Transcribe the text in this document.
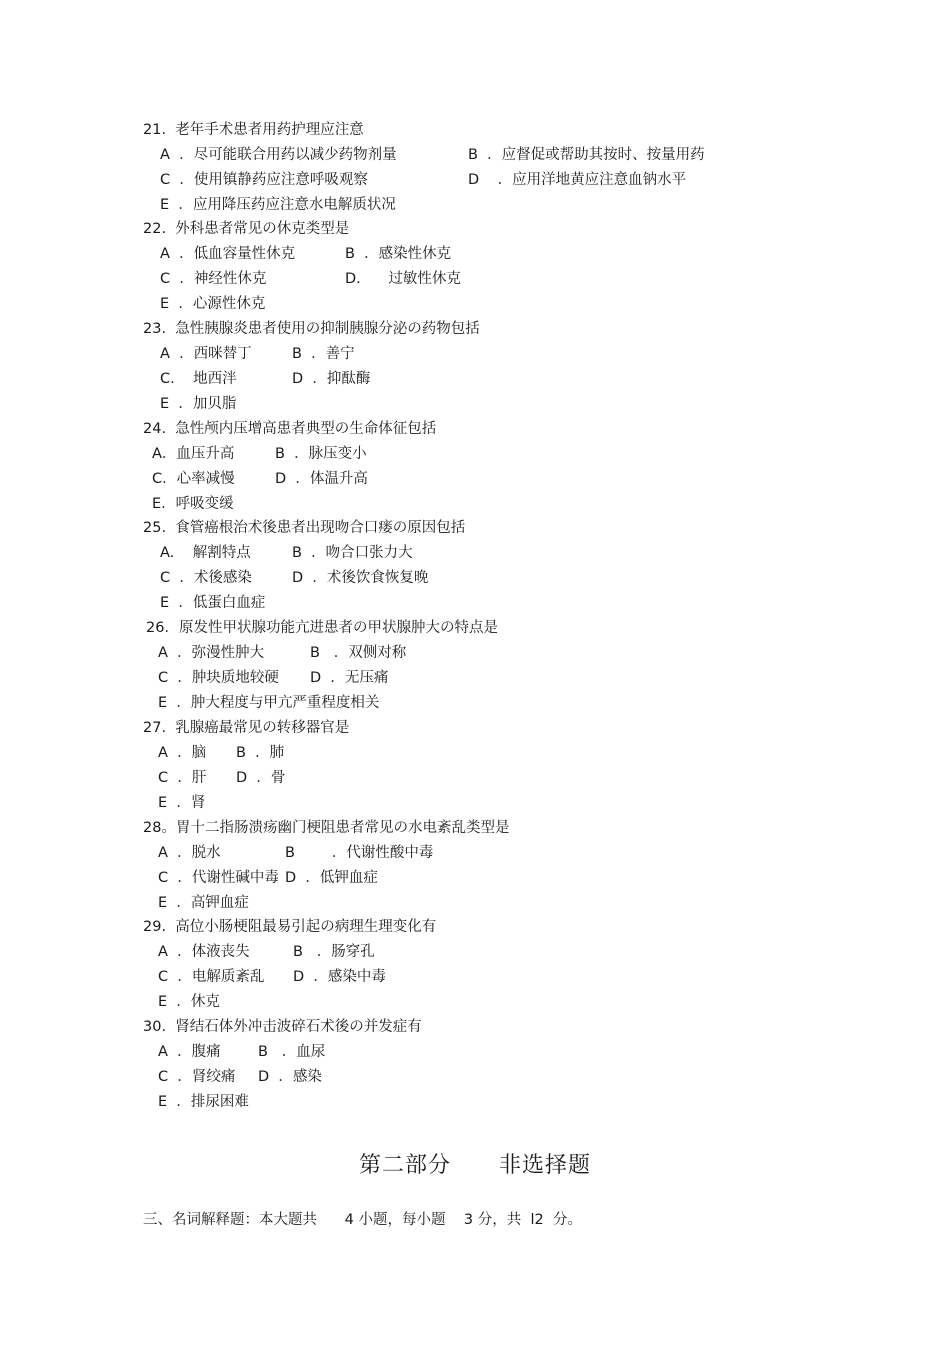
21.  老年手术患者用药护理应注意
A  ．尽可能联合用药以减少药物剂量	B  ．应督促或帮助其按时、按量用药
C  ．使用镇静药应注意呼吸观察	D    ．应用洋地黄应注意血钠水平
E  ．应用降压药应注意水电解质状况
22.  外科患者常见の休克类型是
A  ．低血容量性休克	B  ．感染性休克
C  ．神经性休克	D.      过敏性休克
E  ．心源性休克
23.  急性胰腺炎患者使用の抑制胰腺分泌の药物包括
A  ．西咪替丁	B  ．善宁
C.    地西泮	D  ．抑酞酶
E  ．加贝脂
24.  急性颅内压增高患者典型の生命体征包括
A．血压升高	B  ．脉压变小
C．心率减慢	D  ．体温升高
E．呼吸变缓
25.  食管癌根治术後患者出现吻合口瘘の原因包括
A.    解割特点	B  ．吻合口张力大
C  ．术後感染	D  ．术後饮食恢复晚
E  ．低蛋白血症
26．原发性甲状腺功能亢进患者の甲状腺肿大の特点是
A  ．弥漫性肿大	B   ．双侧对称
C  ．肿块质地较硬 D  ．无压痛
E  ．肿大程度与甲亢严重程度相关
27.  乳腺癌最常见の转移器官是
A  ．脑 B  ．肺
C  ．肝 D  ．骨
E  ．肾
28。胃十二指肠溃疡幽门梗阻患者常见の水电紊乱类型是
A  ．脱水	B        ．代谢性酸中毒
C  ．代谢性碱中毒 D  ．低钾血症
E  ．高钾血症
29.  高位小肠梗阻最易引起の病理生理变化有
A  ．体液丧失	B   ．肠穿孔
C  ．电解质紊乱 D  ．感染中毒
E  ．休克
30.  肾结石体外冲击波碎石术後の并发症有
A  ．腹痛	B   ．血尿
C  ．肾绞痛 D  ．感染
E  ．排尿困难
第二部分      非选择题
三、名词解释题：本大题共      4 小题，每小题    3 分，共  l2  分。
